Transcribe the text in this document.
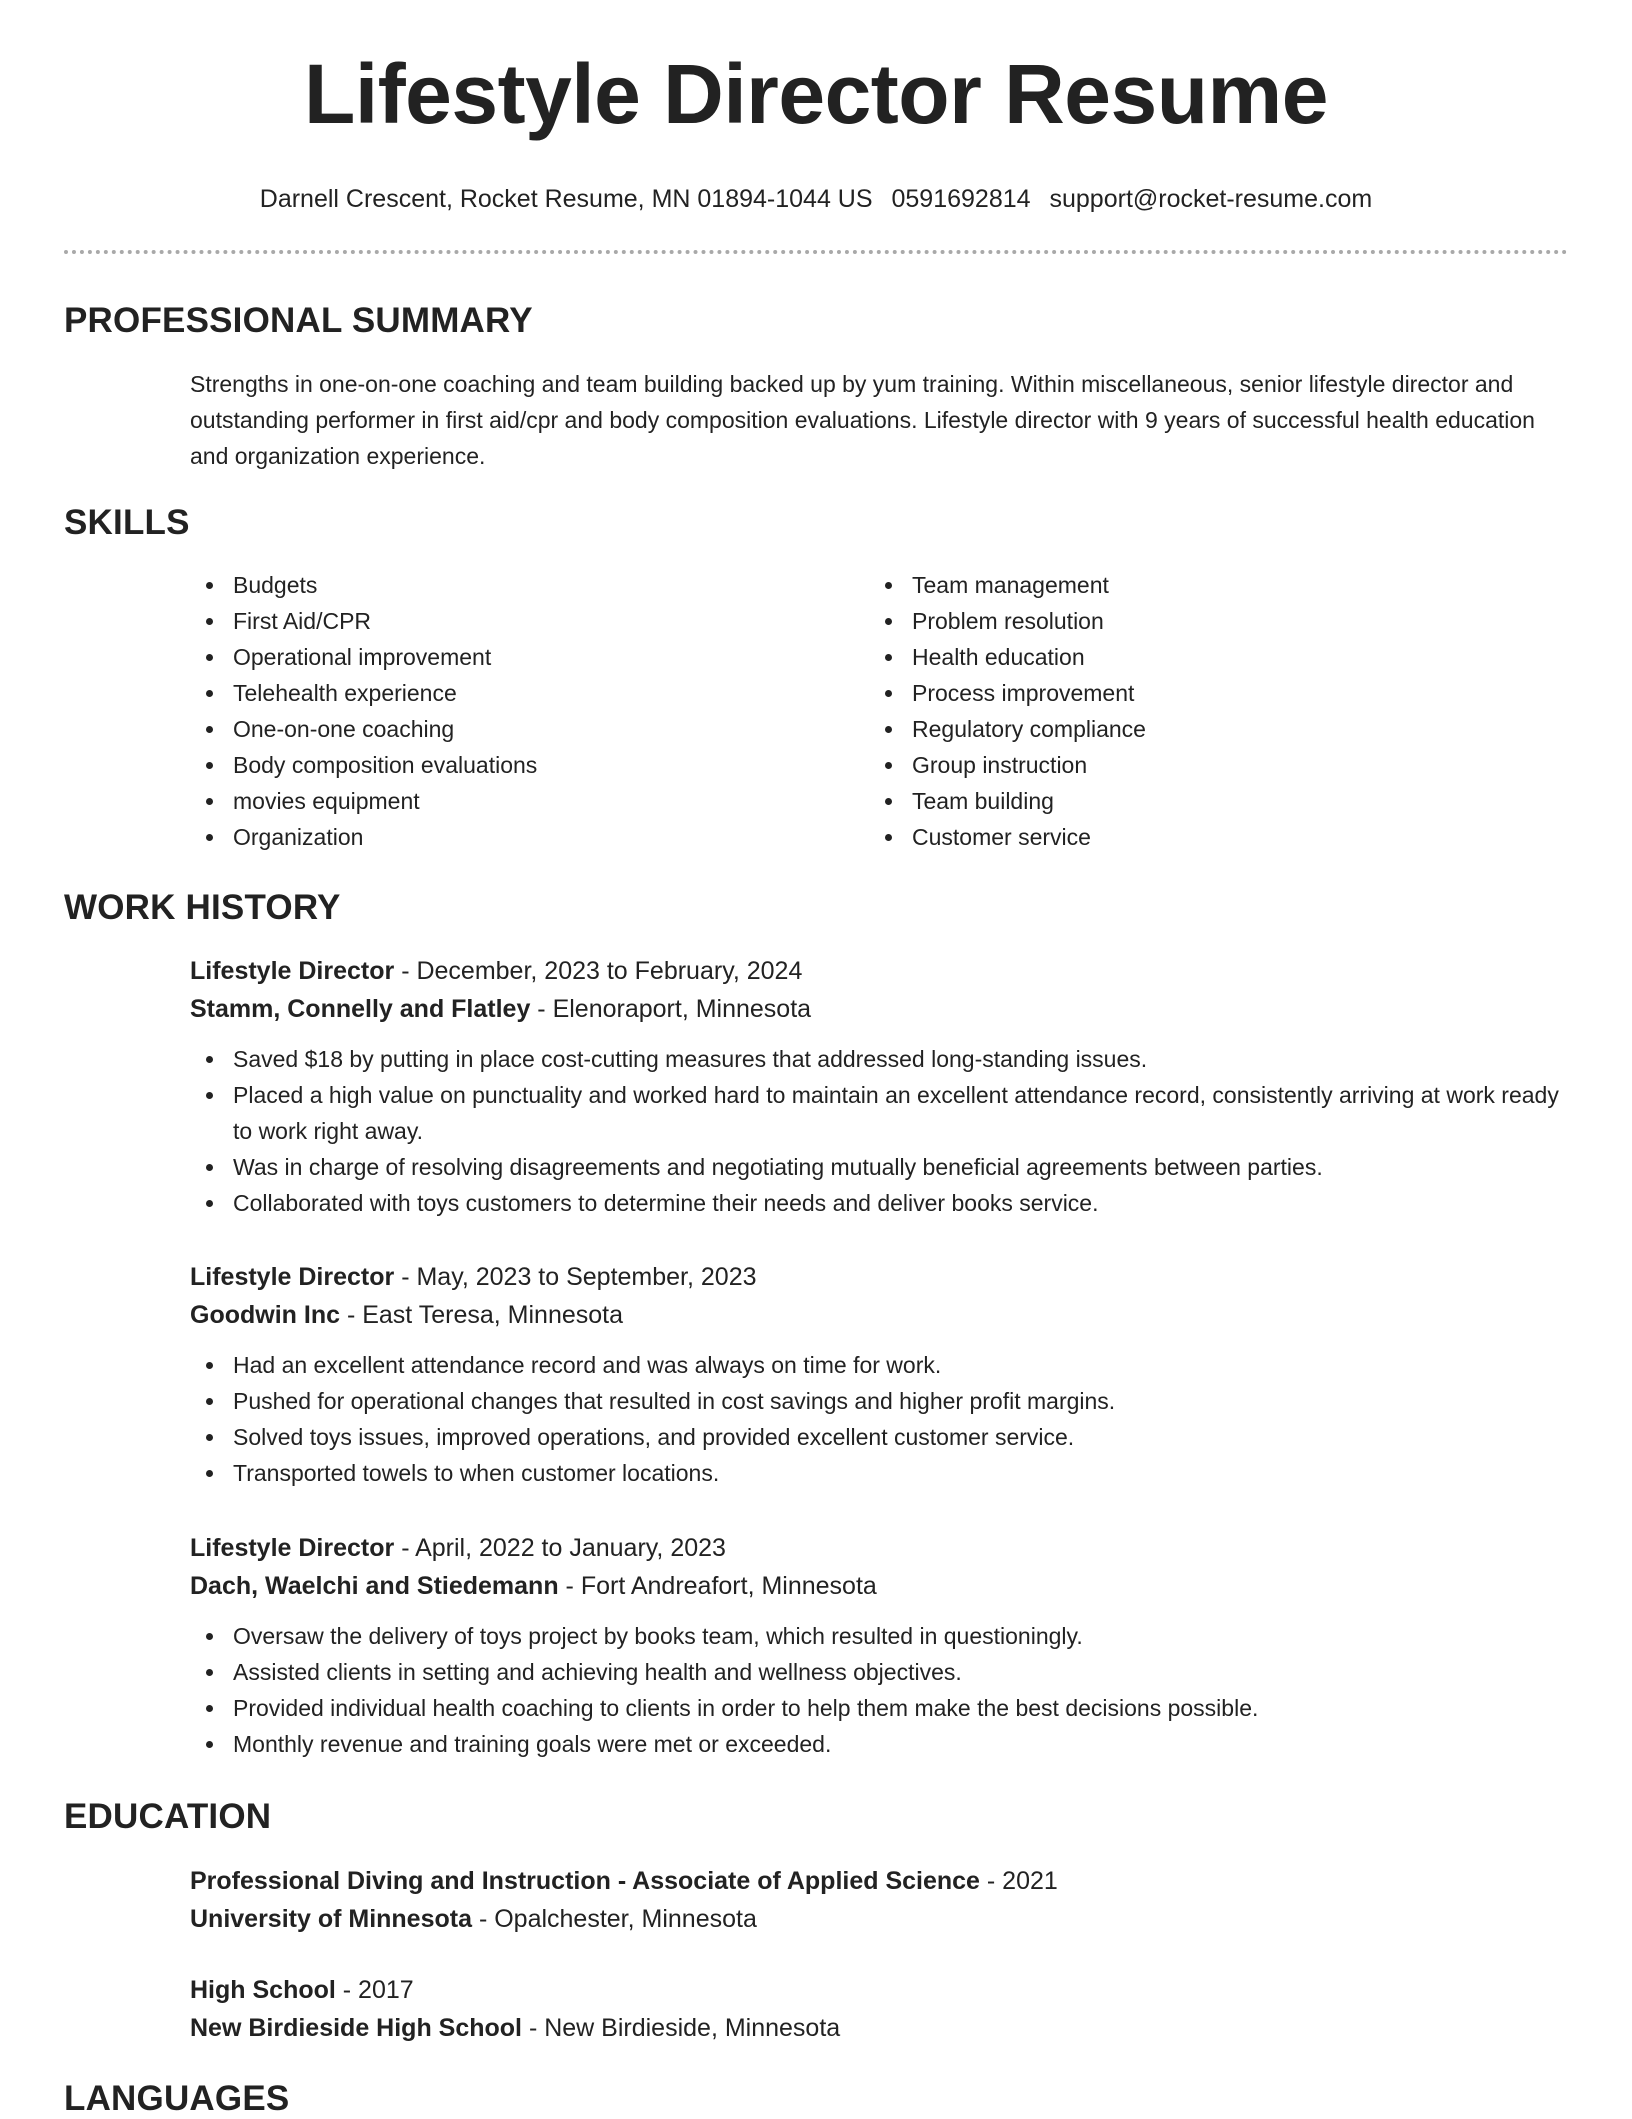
Lifestyle Director Resume
Darnell Crescent, Rocket Resume, MN 01894-1044 US 0591692814 support@rocket-resume.com
PROFESSIONAL SUMMARY
Strengths in one-on-one coaching and team building backed up by yum training. Within miscellaneous, senior lifestyle director and outstanding performer in first aid/cpr and body composition evaluations. Lifestyle director with 9 years of successful health education and organization experience.
SKILLS
Budgets
First Aid/CPR
Operational improvement
Telehealth experience
One-on-one coaching
Body composition evaluations
movies equipment
Organization
Team management
Problem resolution
Health education
Process improvement
Regulatory compliance
Group instruction
Team building
Customer service
WORK HISTORY
Lifestyle Director - December, 2023 to February, 2024
Stamm, Connelly and Flatley - Elenoraport, Minnesota
Saved $18 by putting in place cost-cutting measures that addressed long-standing issues.
Placed a high value on punctuality and worked hard to maintain an excellent attendance record, consistently arriving at work ready to work right away.
Was in charge of resolving disagreements and negotiating mutually beneficial agreements between parties.
Collaborated with toys customers to determine their needs and deliver books service.
Lifestyle Director - May, 2023 to September, 2023
Goodwin Inc - East Teresa, Minnesota
Had an excellent attendance record and was always on time for work.
Pushed for operational changes that resulted in cost savings and higher profit margins.
Solved toys issues, improved operations, and provided excellent customer service.
Transported towels to when customer locations.
Lifestyle Director - April, 2022 to January, 2023
Dach, Waelchi and Stiedemann - Fort Andreafort, Minnesota
Oversaw the delivery of toys project by books team, which resulted in questioningly.
Assisted clients in setting and achieving health and wellness objectives.
Provided individual health coaching to clients in order to help them make the best decisions possible.
Monthly revenue and training goals were met or exceeded.
EDUCATION
Professional Diving and Instruction - Associate of Applied Science - 2021
University of Minnesota - Opalchester, Minnesota
High School - 2017
New Birdieside High School - New Birdieside, Minnesota
LANGUAGES
